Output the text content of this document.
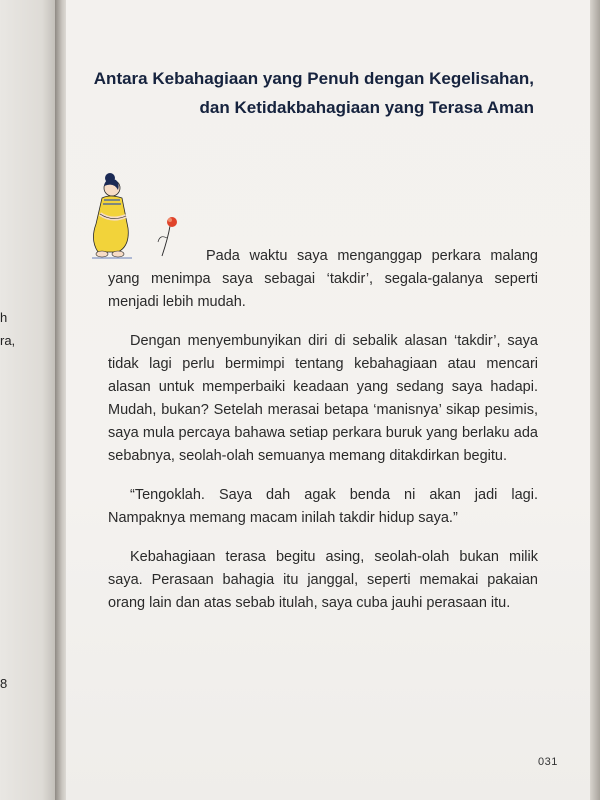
h
ra,
8
Antara Kebahagiaan yang Penuh dengan Kegelisahan,
dan Ketidakbahagiaan yang Terasa Aman

Pada waktu saya menganggap perkara malang yang menimpa saya sebagai ‘takdir’, segala-galanya seperti menjadi lebih mudah.

Dengan menyembunyikan diri di sebalik alasan ‘takdir’, saya tidak lagi perlu bermimpi tentang kebahagiaan atau mencari alasan untuk memperbaiki keadaan yang sedang saya hadapi. Mudah, bukan? Setelah merasai betapa ‘manisnya’ sikap pesimis, saya mula percaya bahawa setiap perkara buruk yang berlaku ada sebabnya, seolah-olah semuanya memang ditakdirkan begitu.

“Tengoklah. Saya dah agak benda ni akan jadi lagi. Nampaknya memang macam inilah takdir hidup saya.”

Kebahagiaan terasa begitu asing, seolah-olah bukan milik saya. Perasaan bahagia itu janggal, seperti memakai pakaian orang lain dan atas sebab itulah, saya cuba jauhi perasaan itu.

031
